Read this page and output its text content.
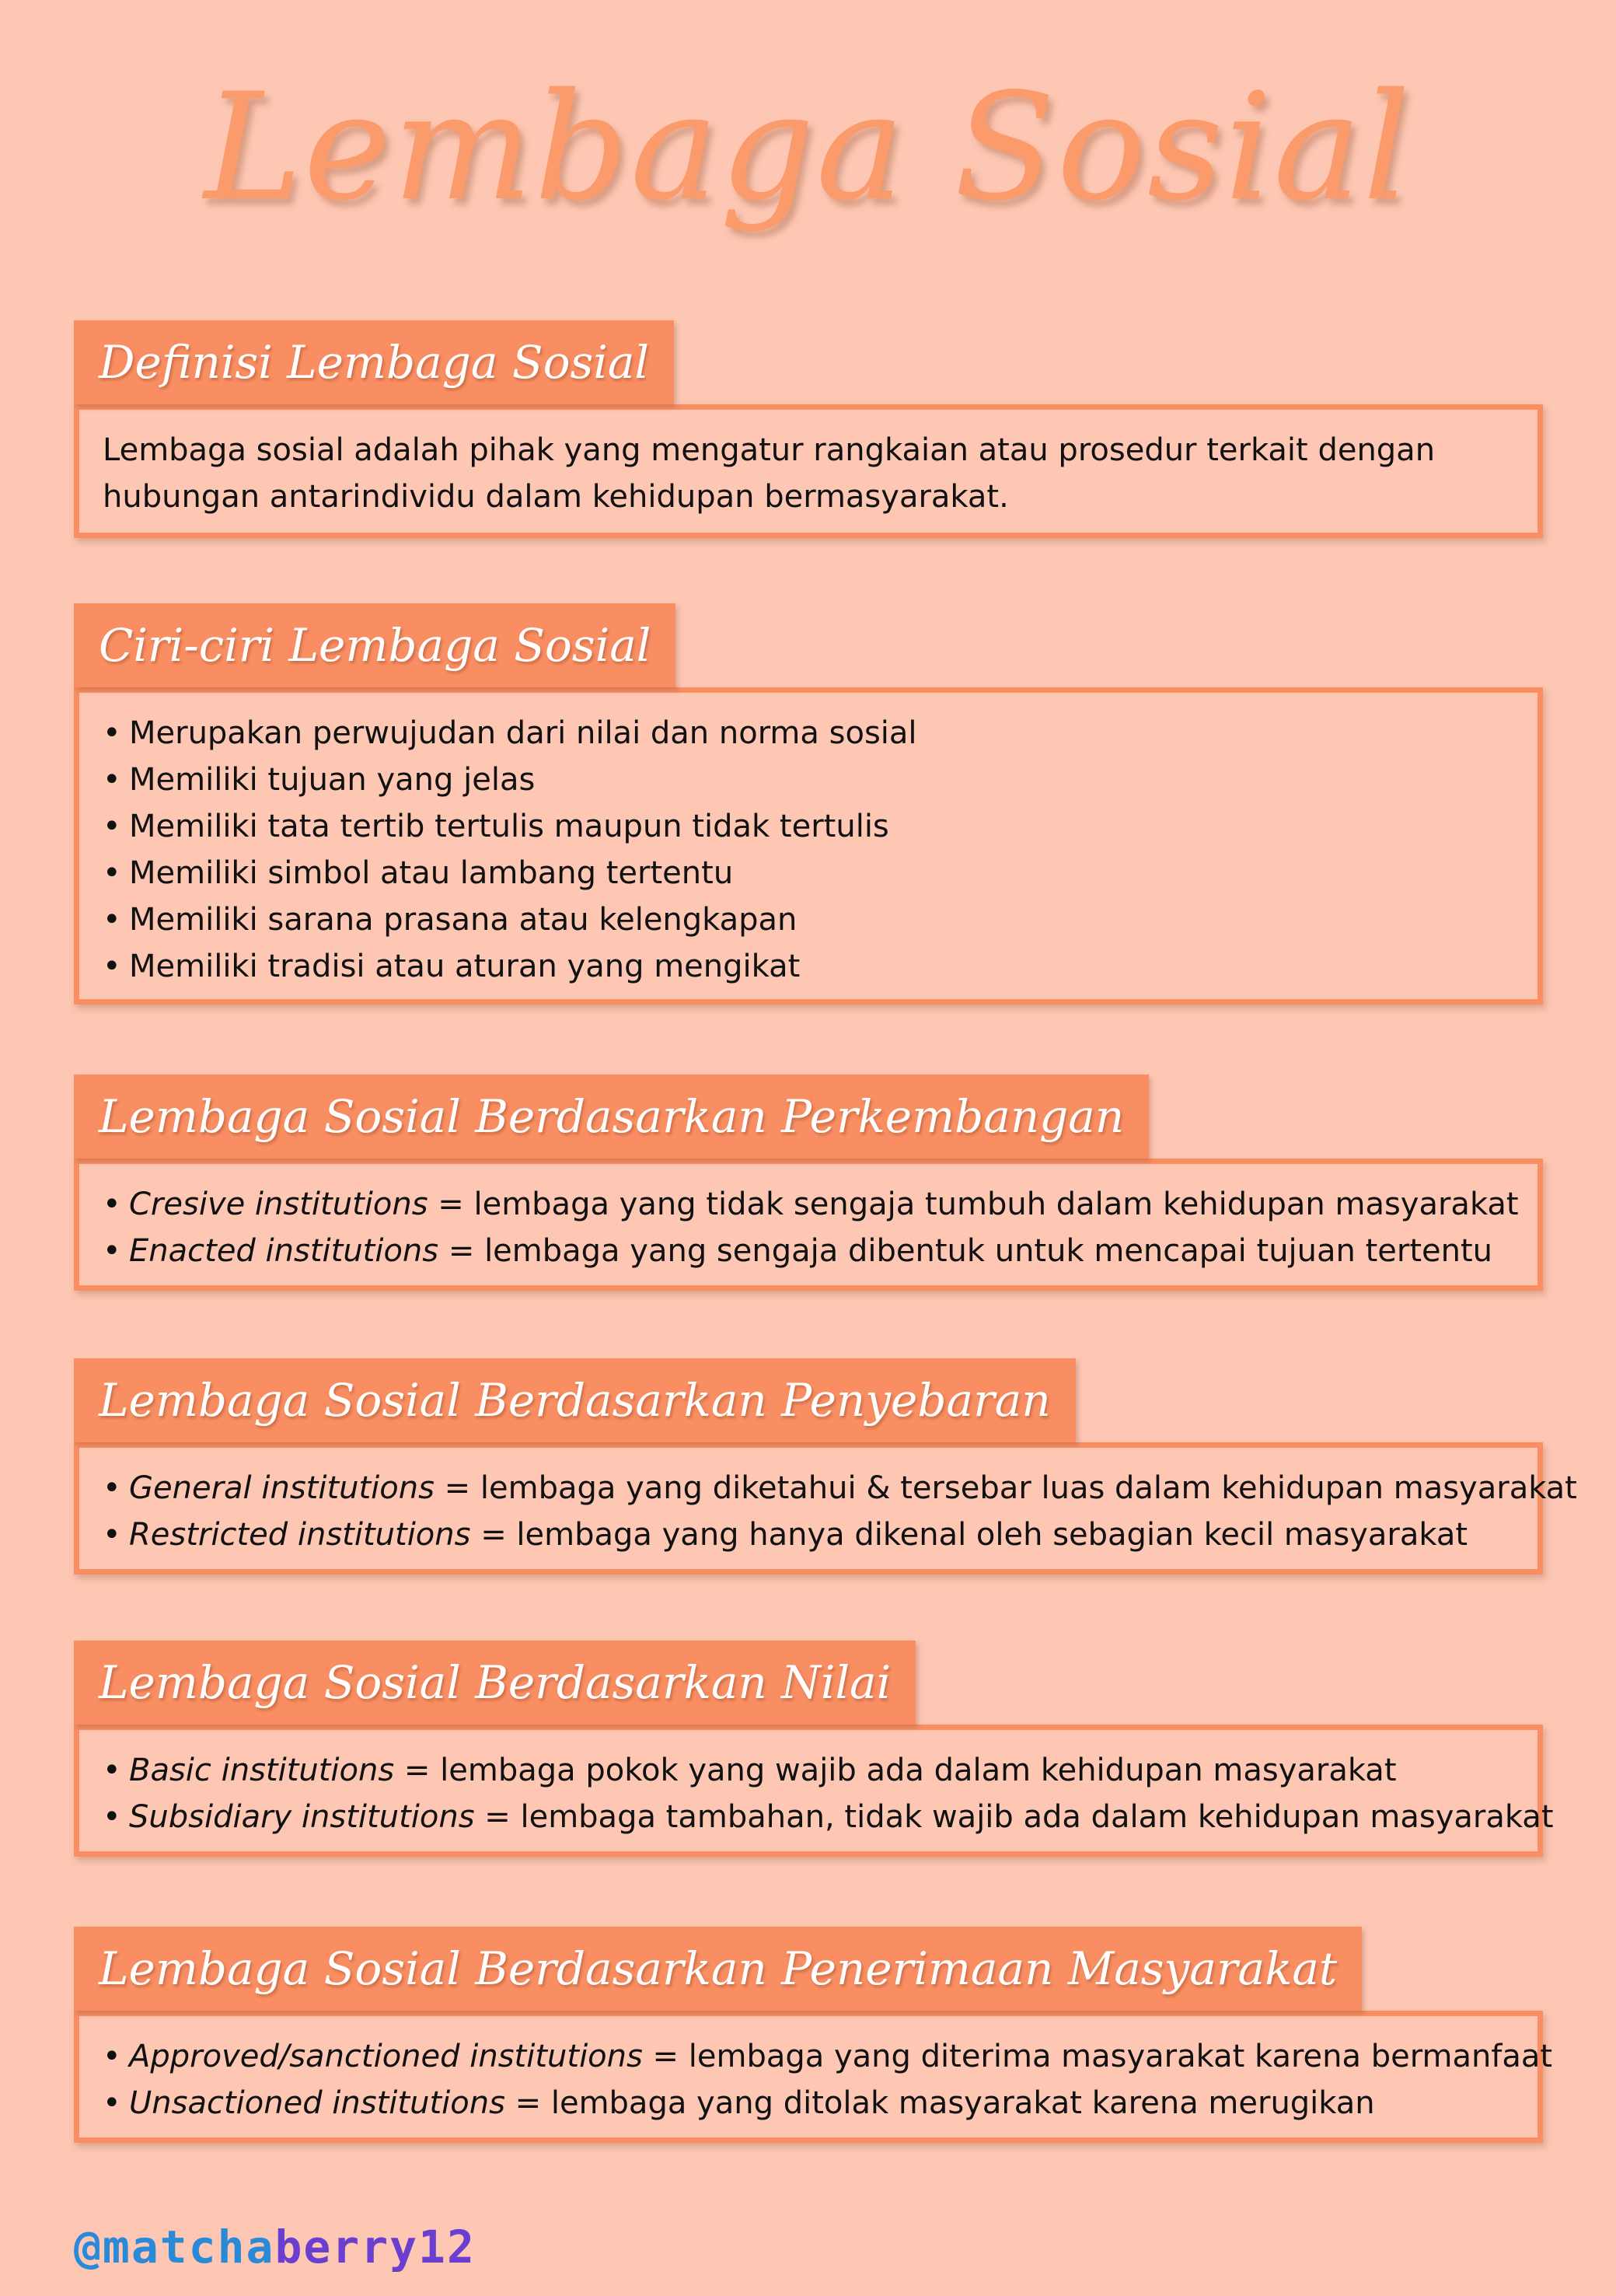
Lembaga Sosial
Definisi Lembaga Sosial

Lembaga sosial adalah pihak yang mengatur rangkaian atau prosedur terkait dengan hubungan antarindividu dalam kehidupan bermasyarakat.

Ciri-ciri Lembaga Sosial
• Merupakan perwujudan dari nilai dan norma sosial
• Memiliki tujuan yang jelas
• Memiliki tata tertib tertulis maupun tidak tertulis
• Memiliki simbol atau lambang tertentu
• Memiliki sarana prasana atau kelengkapan
• Memiliki tradisi atau aturan yang mengikat
Lembaga Sosial Berdasarkan Perkembangan
• Cresive institutions = lembaga yang tidak sengaja tumbuh dalam kehidupan masyarakat
• Enacted institutions = lembaga yang sengaja dibentuk untuk mencapai tujuan tertentu
Lembaga Sosial Berdasarkan Penyebaran
• General institutions = lembaga yang diketahui & tersebar luas dalam kehidupan masyarakat
• Restricted institutions = lembaga yang hanya dikenal oleh sebagian kecil masyarakat
Lembaga Sosial Berdasarkan Nilai
• Basic institutions = lembaga pokok yang wajib ada dalam kehidupan masyarakat
• Subsidiary institutions = lembaga tambahan, tidak wajib ada dalam kehidupan masyarakat
Lembaga Sosial Berdasarkan Penerimaan Masyarakat
• Approved/sanctioned institutions = lembaga yang diterima masyarakat karena bermanfaat
• Unsactioned institutions = lembaga yang ditolak masyarakat karena merugikan
@matchaberry12
